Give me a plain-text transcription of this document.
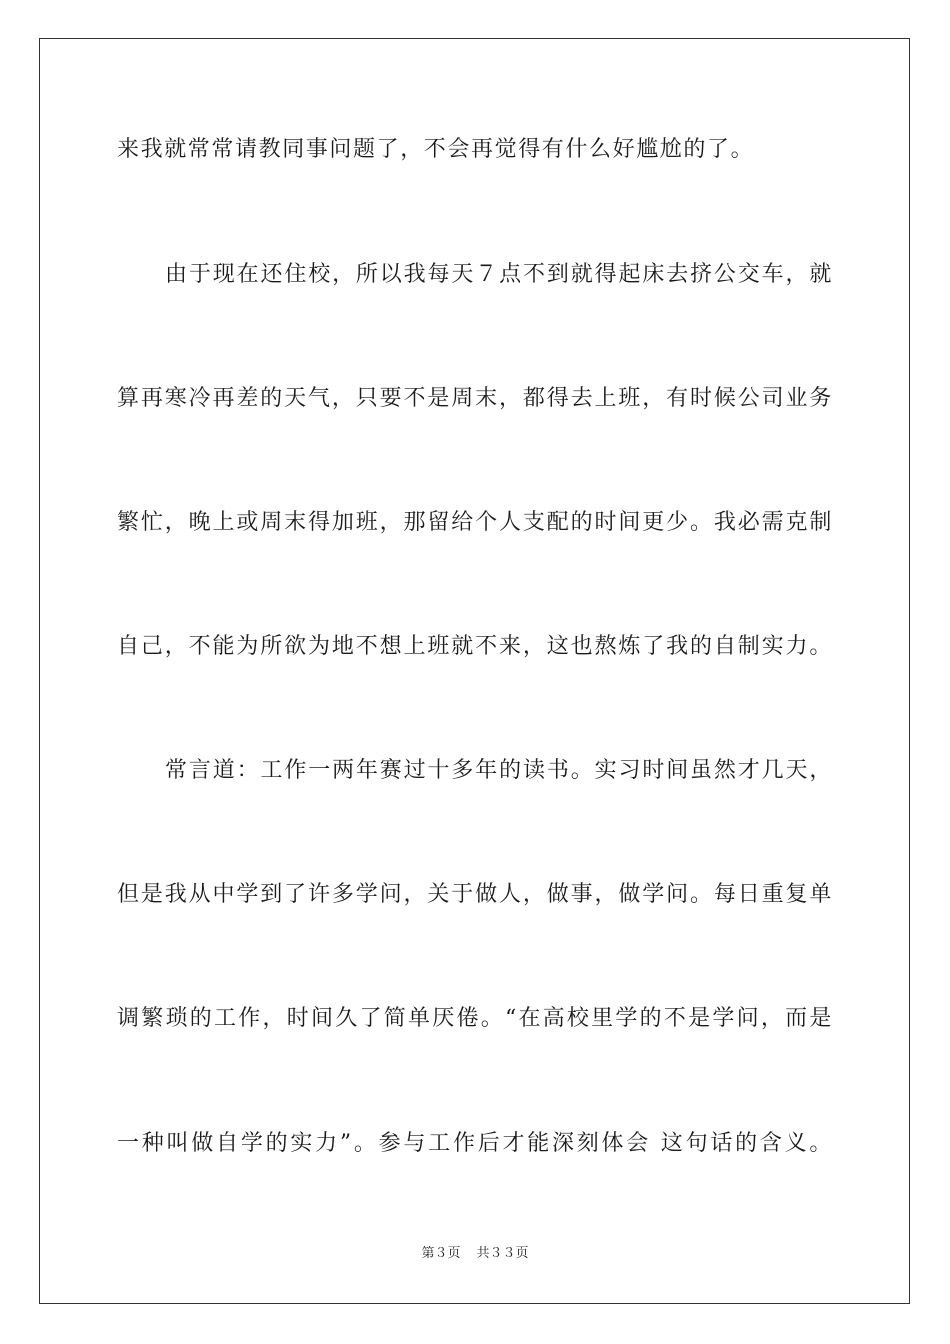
来我就常常请教同事问题了，不会再觉得有什么好尴尬的了。
由于现在还住校，所以我每天７点不到就得起床去挤公交车，就
算再寒冷再差的天气，只要不是周末，都得去上班，有时候公司业务
繁忙，晚上或周末得加班，那留给个人支配的时间更少。我必需克制
自己，不能为所欲为地不想上班就不来，这也熬炼了我的自制实力。
常言道：工作一两年赛过十多年的读书。实习时间虽然才几天，
但是我从中学到了许多学问，关于做人，做事，做学问。每日重复单
调繁琐的工作，时间久了简单厌倦。“在高校里学的不是学问，而是
一种叫做自学的实力”。参与工作后才能深刻体会 这句话的含义。
第３页 共３３页
